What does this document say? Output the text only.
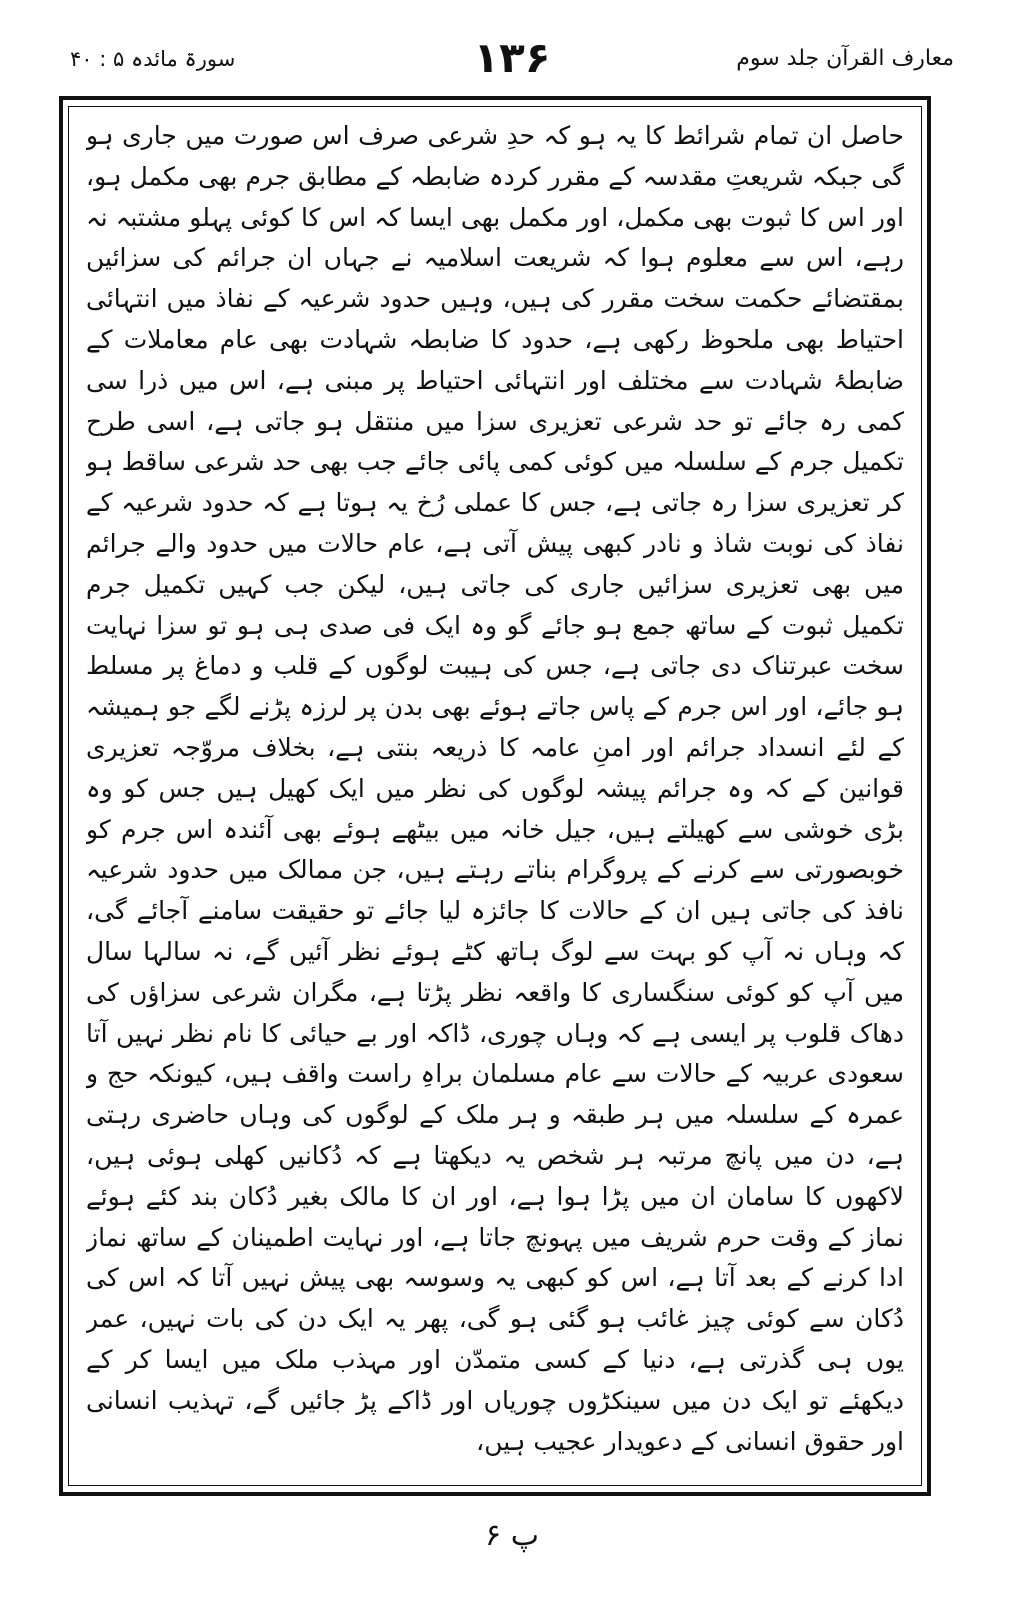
معارف القرآن جلد سوم
۱۳۶
سورۃ مائدہ ۵ : ۴۰

حاصل ان تمام شرائط کا یہ ہو کہ حدِ شرعی صرف اس صورت میں جاری ہو گی جبکہ شریعتِ مقدسہ کے مقرر کردہ ضابطہ کے مطابق جرم بھی مکمل ہو، اور اس کا ثبوت بھی مکمل، اور مکمل بھی ایسا کہ اس کا کوئی پہلو مشتبہ نہ رہے، اس سے معلوم ہوا کہ شریعت اسلامیہ نے جہاں ان جرائم کی سزائیں بمقتضائے حکمت سخت مقرر کی ہیں، وہیں حدود شرعیہ کے نفاذ میں انتہائی احتیاط بھی ملحوظ رکھی ہے، حدود کا ضابطہ شہادت بھی عام معاملات کے ضابطۂ شہادت سے مختلف اور انتہائی احتیاط پر مبنی ہے، اس میں ذرا سی کمی رہ جائے تو حد شرعی تعزیری سزا میں منتقل ہو جاتی ہے، اسی طرح تکمیل جرم کے سلسلہ میں کوئی کمی پائی جائے جب بھی حد شرعی ساقط ہو کر تعزیری سزا رہ جاتی ہے، جس کا عملی رُخ یہ ہوتا ہے کہ حدود شرعیہ کے نفاذ کی نوبت شاذ و نادر کبھی پیش آتی ہے، عام حالات میں حدود والے جرائم میں بھی تعزیری سزائیں جاری کی جاتی ہیں، لیکن جب کہیں تکمیل جرم تکمیل ثبوت کے ساتھ جمع ہو جائے گو وہ ایک فی صدی ہی ہو تو سزا نہایت سخت عبرتناک دی جاتی ہے، جس کی ہیبت لوگوں کے قلب و دماغ پر مسلط ہو جائے، اور اس جرم کے پاس جاتے ہوئے بھی بدن پر لرزہ پڑنے لگے جو ہمیشہ کے لئے انسداد جرائم اور امنِ عامہ کا ذریعہ بنتی ہے، بخلاف مروّجہ تعزیری قوانین کے کہ وہ جرائم پیشہ لوگوں کی نظر میں ایک کھیل ہیں جس کو وہ بڑی خوشی سے کھیلتے ہیں، جیل خانہ میں بیٹھے ہوئے بھی آئندہ اس جرم کو خوبصورتی سے کرنے کے پروگرام بناتے رہتے ہیں، جن ممالک میں حدود شرعیہ نافذ کی جاتی ہیں ان کے حالات کا جائزہ لیا جائے تو حقیقت سامنے آجائے گی، کہ وہاں نہ آپ کو بہت سے لوگ ہاتھ کٹے ہوئے نظر آئیں گے، نہ سالہا سال میں آپ کو کوئی سنگساری کا واقعہ نظر پڑتا ہے، مگران شرعی سزاؤں کی دھاک قلوب پر ایسی ہے کہ وہاں چوری، ڈاکہ اور بے حیائی کا نام نظر نہیں آتا سعودی عربیہ کے حالات سے عام مسلمان براہِ راست واقف ہیں، کیونکہ حج و عمرہ کے سلسلہ میں ہر طبقہ و ہر ملک کے لوگوں کی وہاں حاضری رہتی ہے، دن میں پانچ مرتبہ ہر شخص یہ دیکھتا ہے کہ دُکانیں کھلی ہوئی ہیں، لاکھوں کا سامان ان میں پڑا ہوا ہے، اور ان کا مالک بغیر دُکان بند کئے ہوئے نماز کے وقت حرم شریف میں پہونچ جاتا ہے، اور نہایت اطمینان کے ساتھ نماز ادا کرنے کے بعد آتا ہے، اس کو کبھی یہ وسوسہ بھی پیش نہیں آتا کہ اس کی دُکان سے کوئی چیز غائب ہو گئی ہو گی، پھر یہ ایک دن کی بات نہیں، عمر یوں ہی گذرتی ہے، دنیا کے کسی متمدّن اور مہذب ملک میں ایسا کر کے دیکھئے تو ایک دن میں سینکڑوں چوریاں اور ڈاکے پڑ جائیں گے، تہذیب انسانی اور حقوق انسانی کے دعویدار عجیب ہیں،

پ ۶
